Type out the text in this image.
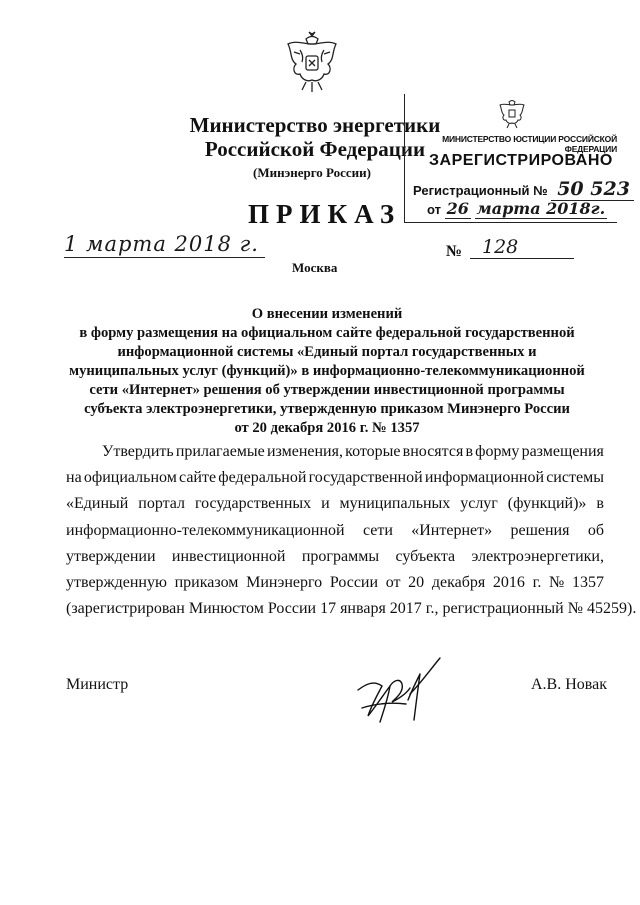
Министерство энергетики
Российской Федерации
(Минэнерго России)
ПРИКАЗ
МИНИСТЕРСТВО ЮСТИЦИИ РОССИЙСКОЙ ФЕДЕРАЦИИ
ЗАРЕГИСТРИРОВАНО
Регистрационный № 50 523
от 26 марта 2018г.
1 марта 2018 г.	№	128
Москва
О внесении изменений
в форму размещения на официальном сайте федеральной государственной
информационной системы «Единый портал государственных и
муниципальных услуг (функций)» в информационно-телекоммуникационной
сети «Интернет» решения об утверждении инвестиционной программы
субъекта электроэнергетики, утвержденную приказом Минэнерго России
от 20 декабря 2016 г. № 1357
Утвердить прилагаемые изменения, которые вносятся в форму размещения
на официальном сайте федеральной государственной информационной системы
«Единый портал государственных и муниципальных услуг (функций)» в
информационно-телекоммуникационной сети «Интернет» решения об
утверждении инвестиционной программы субъекта электроэнергетики,
утвержденную приказом Минэнерго России от 20 декабря 2016 г. № 1357
(зарегистрирован Минюстом России 17 января 2017 г., регистрационный № 45259).
Министр	А.В. Новак
